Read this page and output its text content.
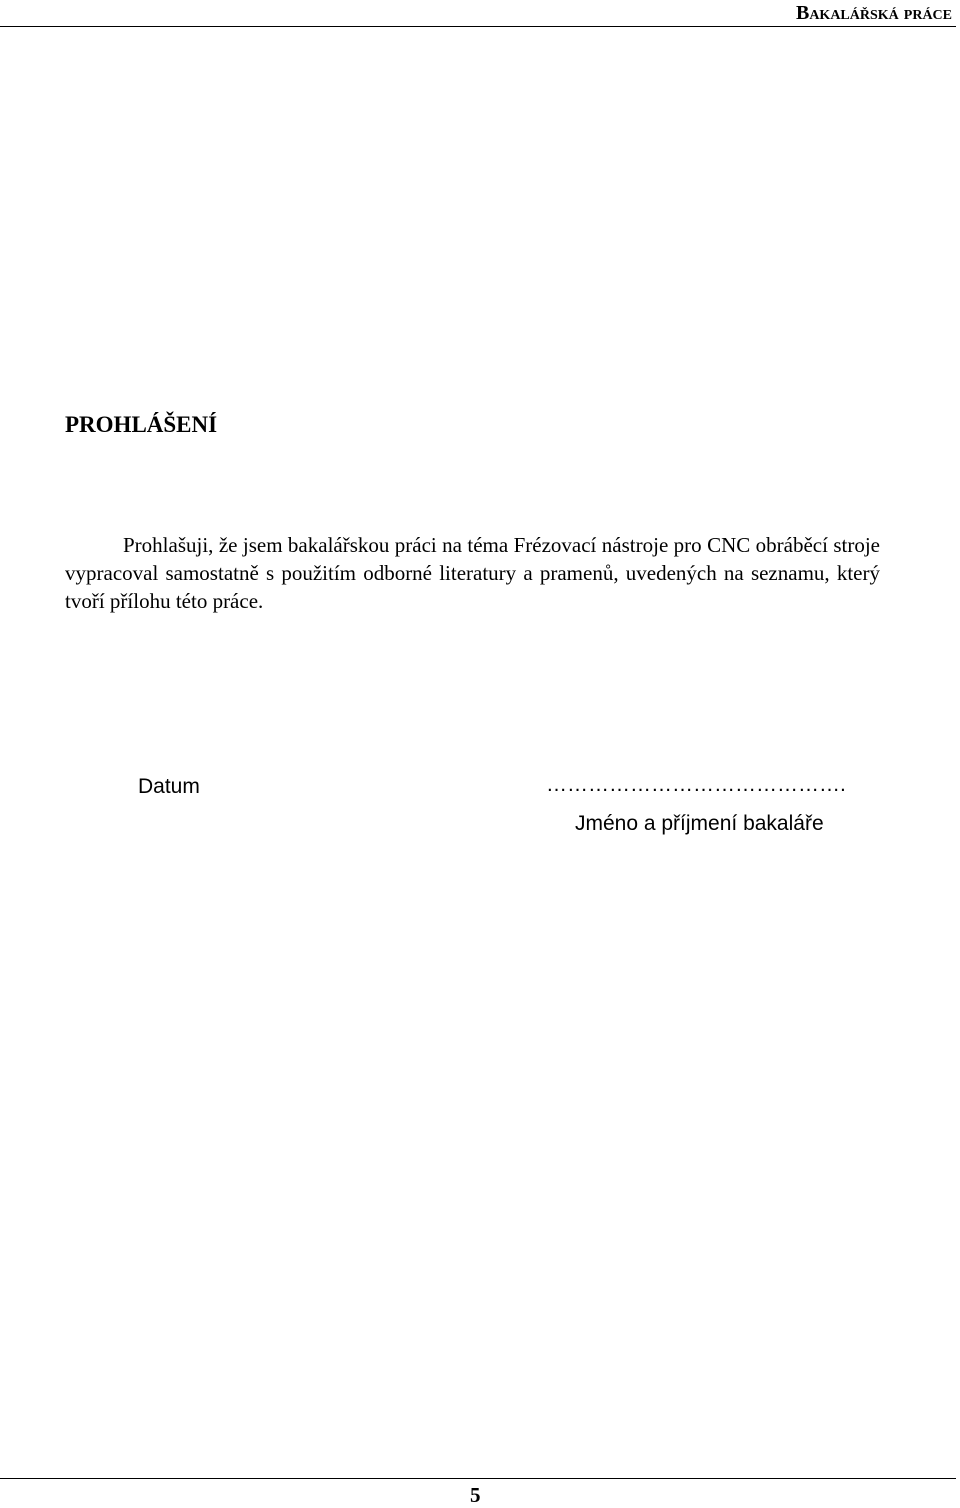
Bakalářská práce
PROHLÁŠENÍ

Prohlašuji, že jsem bakalářskou práci na téma Frézovací nástroje pro CNC obráběcí stroje vypracoval samostatně s použitím odborné literatury a pramenů, uvedených na seznamu, který tvoří přílohu této práce.

Datum	…………………………………….
Jméno a příjmení bakaláře
5
